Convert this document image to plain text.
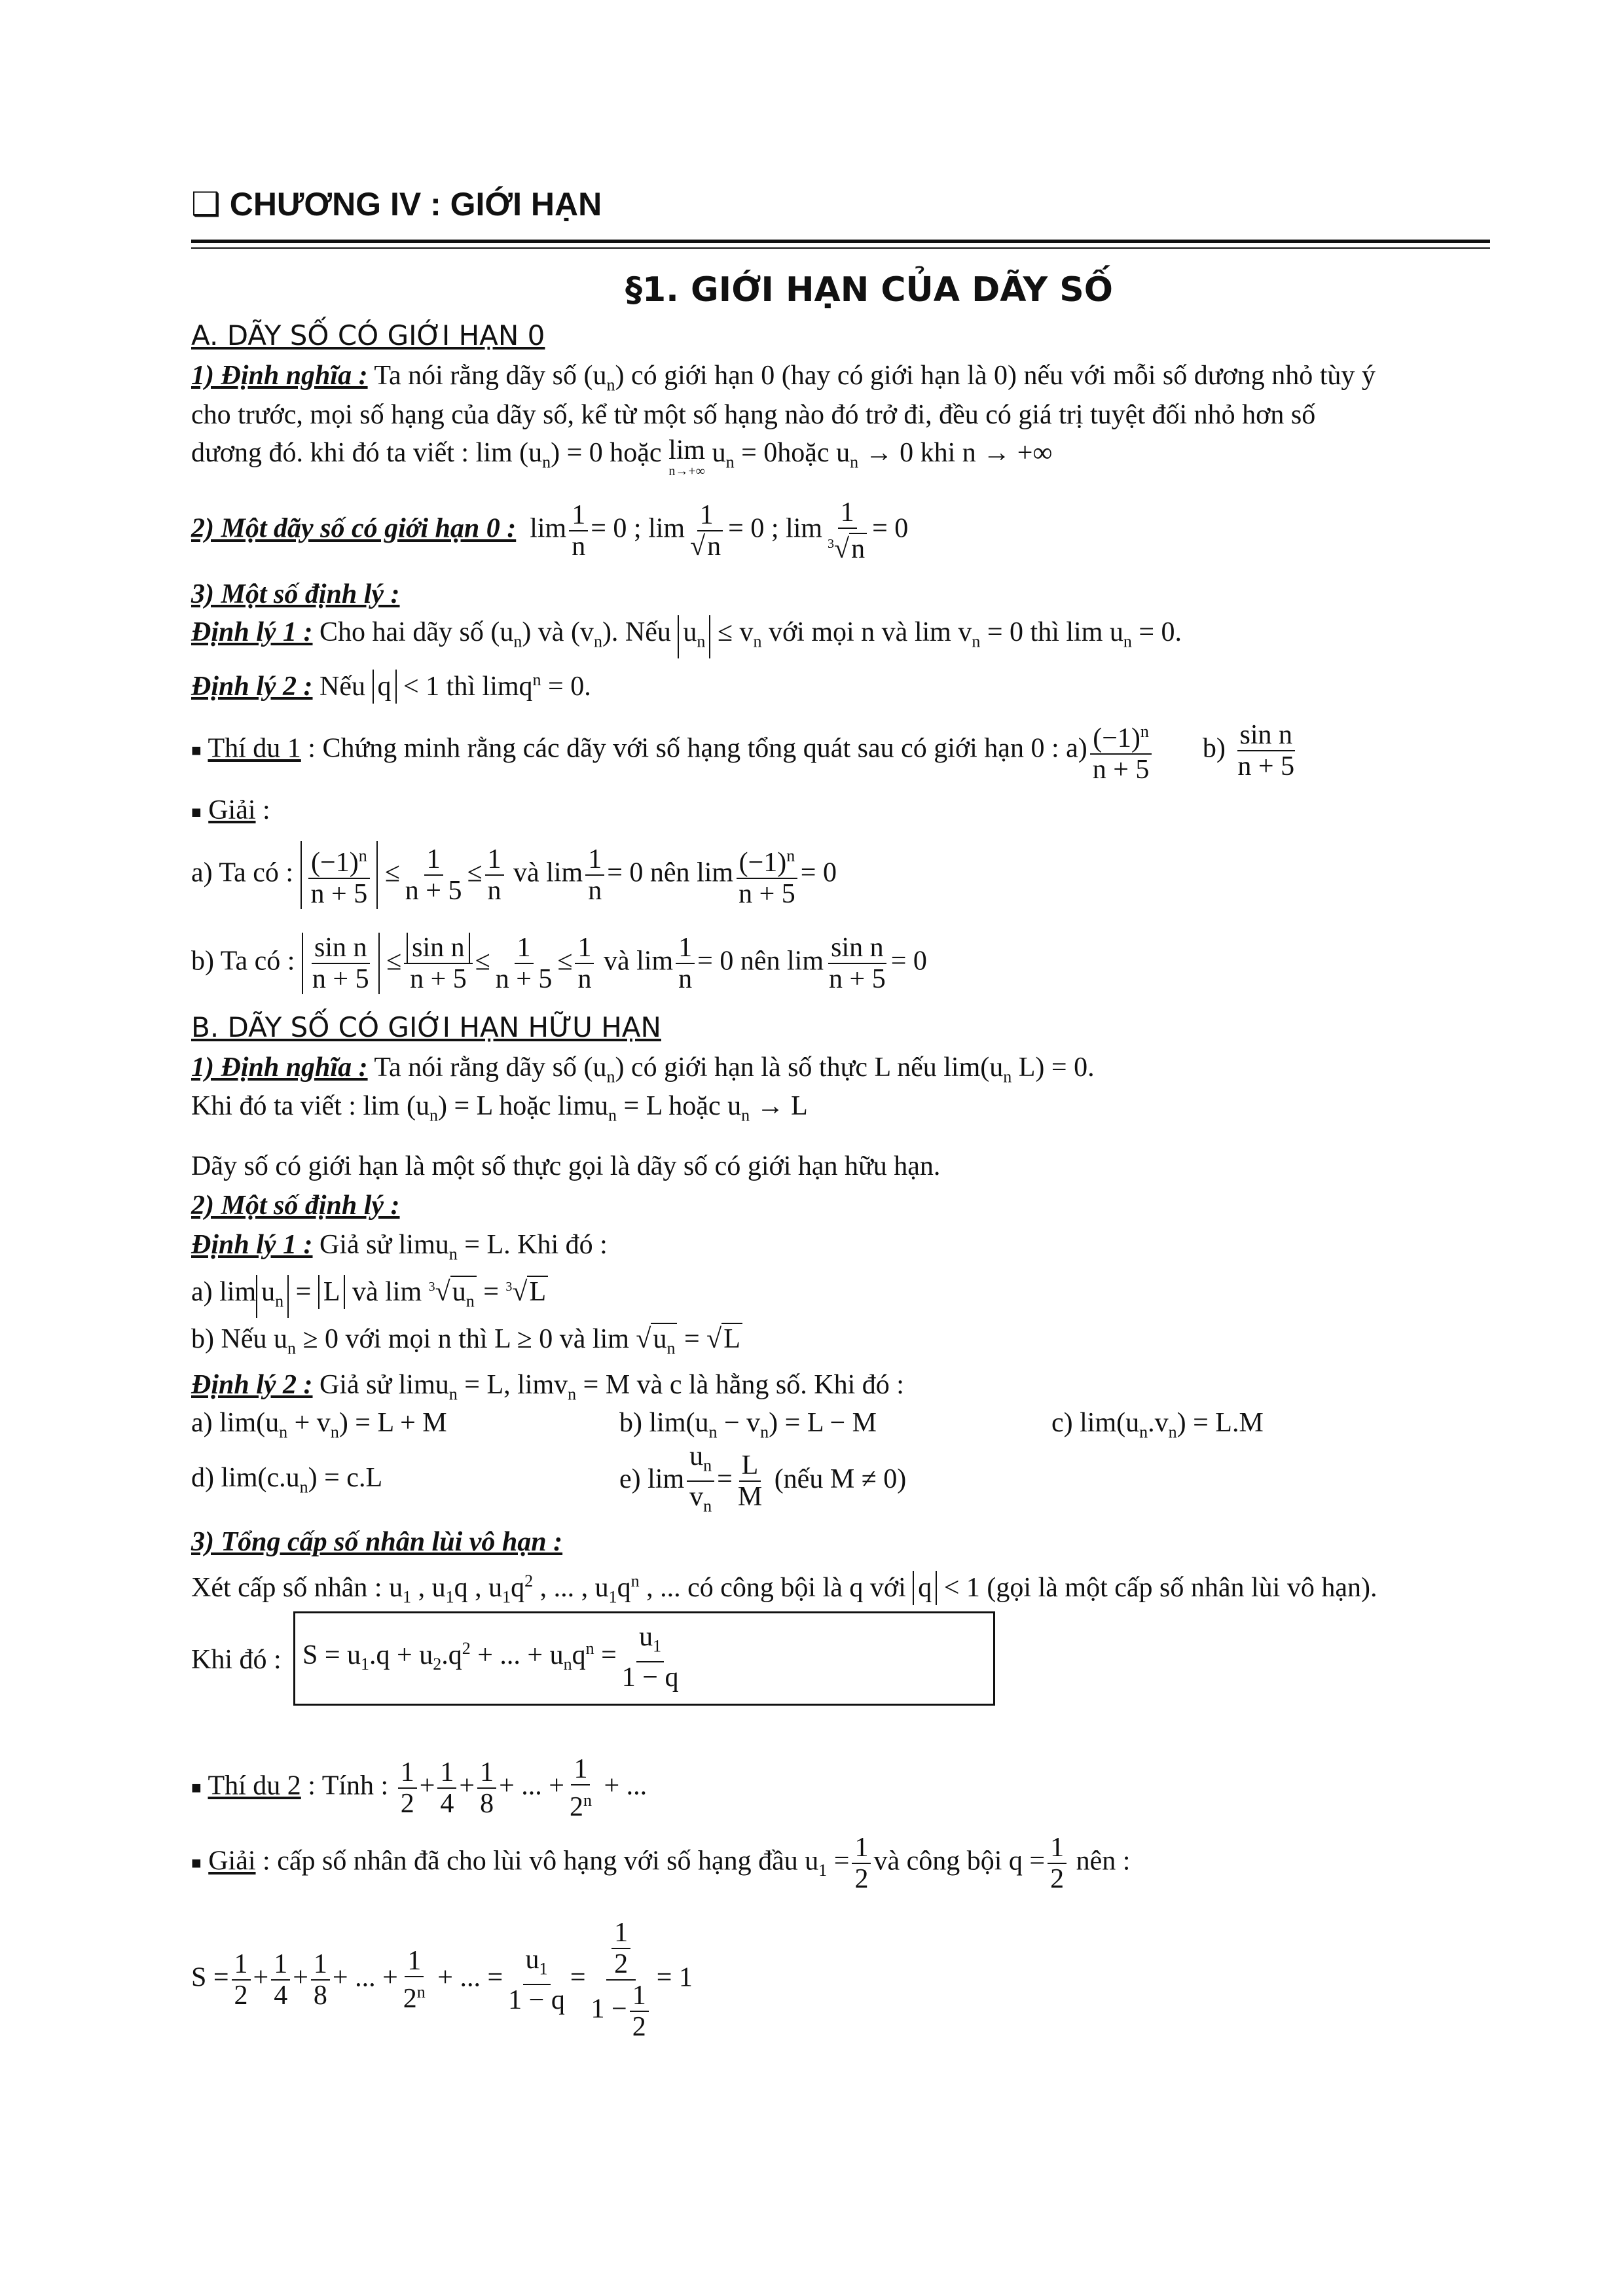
❑ CHƯƠNG IV : GIỚI HẠN
§1. GIỚI HẠN CỦA DÃY SỐ
A. DÃY SỐ CÓ GIỚI HẠN 0
1) Định nghĩa : Ta nói rằng dãy số $(u_n)$ có giới hạn 0 (hay có giới hạn là 0) nếu với mỗi số dương nhỏ tùy ý
cho trước, mọi số hạng của dãy số, kể từ một số hạng nào đó trở đi, đều có giá trị tuyệt đối nhỏ hơn số
dương đó. khi đó ta viết : $\lim (u_n) = 0$ hoặc lim
n→+∞
$u_n$ = 0hoặc $u_n \to 0$ khi n → +∞
2) Một dãy số có giới hạn 0 :  $\lim \frac{1}{n} = 0$ ; $\lim \frac{1}{√n} = 0$ ; $\lim \frac{1}{^3√n} = 0$
3) Một số định lý :
Định lý 1 : Cho hai dãy số $(u_n)$ và $(v_n)$. Nếu $u_n \le v_n$ với mọi n và $\lim v_n = 0$ thì $\lim u_n = 0$.
Định lý 2 : Nếu q < 1 thì limq$^n$ = 0.
■ Thí du 1 : Chứng minh rằng các dãy với số hạng tổng quát sau có giới hạn 0 : $a) \frac{(-1)^n}{n + 5} b) \frac{\text{sin n}}{n + 5}$
■ Giải :
a) Ta có : $\frac{(-1)^n}{n + 5} \le \frac{1}{n + 5} \le \frac{1}{n}$ và $\lim \frac{1}{n} = 0$ nên $\lim \frac{(-1)^n}{n + 5} = 0$
b) Ta có : $\frac{\text{sin n}}{n + 5} \le \frac{\text{sin n}}{n + 5} \le \frac{1}{n + 5} \le \frac{1}{n}$ và $\lim \frac{1}{n} = 0$ nên $\lim \frac{\text{sin n}}{n + 5} = 0$
B. DÃY SỐ CÓ GIỚI HẠN HỮU HẠN
1) Định nghĩa : Ta nói rằng dãy số $(u_n)$ có giới hạn là số thực L nếu $\lim(u_n$ L) = 0.
Khi đó ta viết : $\lim (u_n) = L$ hoặc limu$_n$ = L hoặc $u_n \to L$
Dãy số có giới hạn là một số thực gọi là dãy số có giới hạn hữu hạn.
2) Một số định lý :
Định lý 1 : Giả sử limu$_n$ = L. Khi đó :
a) $\lim u_n = L$ và $\lim ^3√u_n = ^3√L$
b) Nếu $u_n \ge 0$ với mọi n thì L ≥ 0 và $\lim √u_n = √L$
Định lý 2 : Giả sử limu$_n$ = L, limv$_n$ = M và c là hằng số. Khi đó :
a) $\lim(u_n + v_n) = L + M$	b) $\lim(u_n - v_n) = L - M$	c) $\lim(u_n.v_n) = L.M$
d) $\lim(c.u_n) = c.L$	e) $\lim \frac{u_n}{v_n} = \frac{L}{M}$ (nếu M ≠ 0)
3) Tổng cấp số nhân lùi vô hạn :
Xét cấp số nhân : $u_1$ , $u_1q$ , $u_1q^2$ , ... , $u_1q^n$ , ... có công bội là q với q < 1 (gọi là một cấp số nhân lùi vô hạn).
Khi đó : $S = u_1.q + u_2.q^2$ + ... + $u_nq^n = \frac{u_1}{1 - q}$
■ Thí du 2 : Tính : $\frac{1}{2} + \frac{1}{4} + \frac{1}{8}$ + ... + $\frac{1}{2^n}$ + ...
■ Giải : cấp số nhân đã cho lùi vô hạng với số hạng đầu $u_1 = \frac{1}{2}$ và công bội $q = \frac{1}{2}$ nên :
$S = \frac{1}{2} + \frac{1}{4} + \frac{1}{8}$ + ... + $\frac{1}{2^n}$ + ... = $\frac{u_1}{1 - q} = \frac{\frac{1}{2}}{1 - \frac{1}{2}} = 1$
